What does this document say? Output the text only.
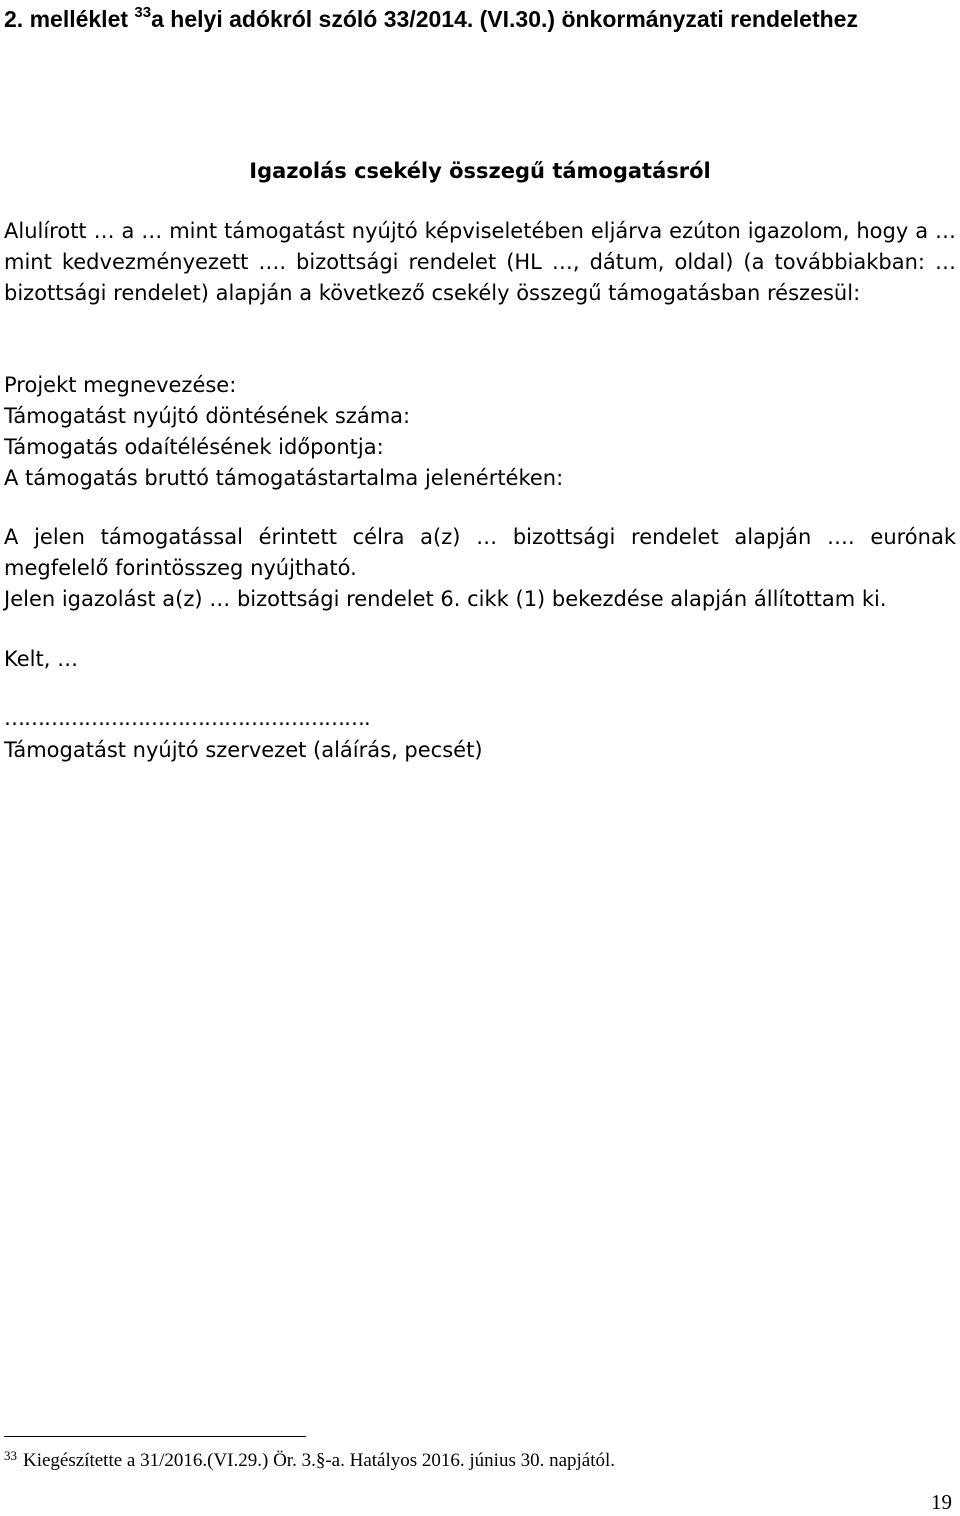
2. melléklet $^{33}$a helyi adókról szóló 33/2014. (VI.30.) önkormányzati rendelethez
Igazolás csekély összegű támogatásról

Alulírott … a … mint támogatást nyújtó képviseletében eljárva ezúton igazolom, hogy a … mint kedvezményezett …. bizottsági rendelet (HL …, dátum, oldal) (a továbbiakban: … bizottsági rendelet) alapján a következő csekély összegű támogatásban részesül:

Projekt megnevezése:
Támogatást nyújtó döntésének száma:
Támogatás odaítélésének időpontja:
A támogatás bruttó támogatástartalma jelenértéken:

A jelen támogatással érintett célra a(z) … bizottsági rendelet alapján …. eurónak megfelelő forintösszeg nyújtható.

Jelen igazolást a(z) … bizottsági rendelet 6. cikk (1) bekezdése alapján állítottam ki.

Kelt, …

……………………………………………….
Támogatást nyújtó szervezet (aláírás, pecsét)
$^{33}$ Kiegészítette a 31/2016.(VI.29.) Ör. 3.§-a. Hatályos 2016. június 30. napjától.
19
